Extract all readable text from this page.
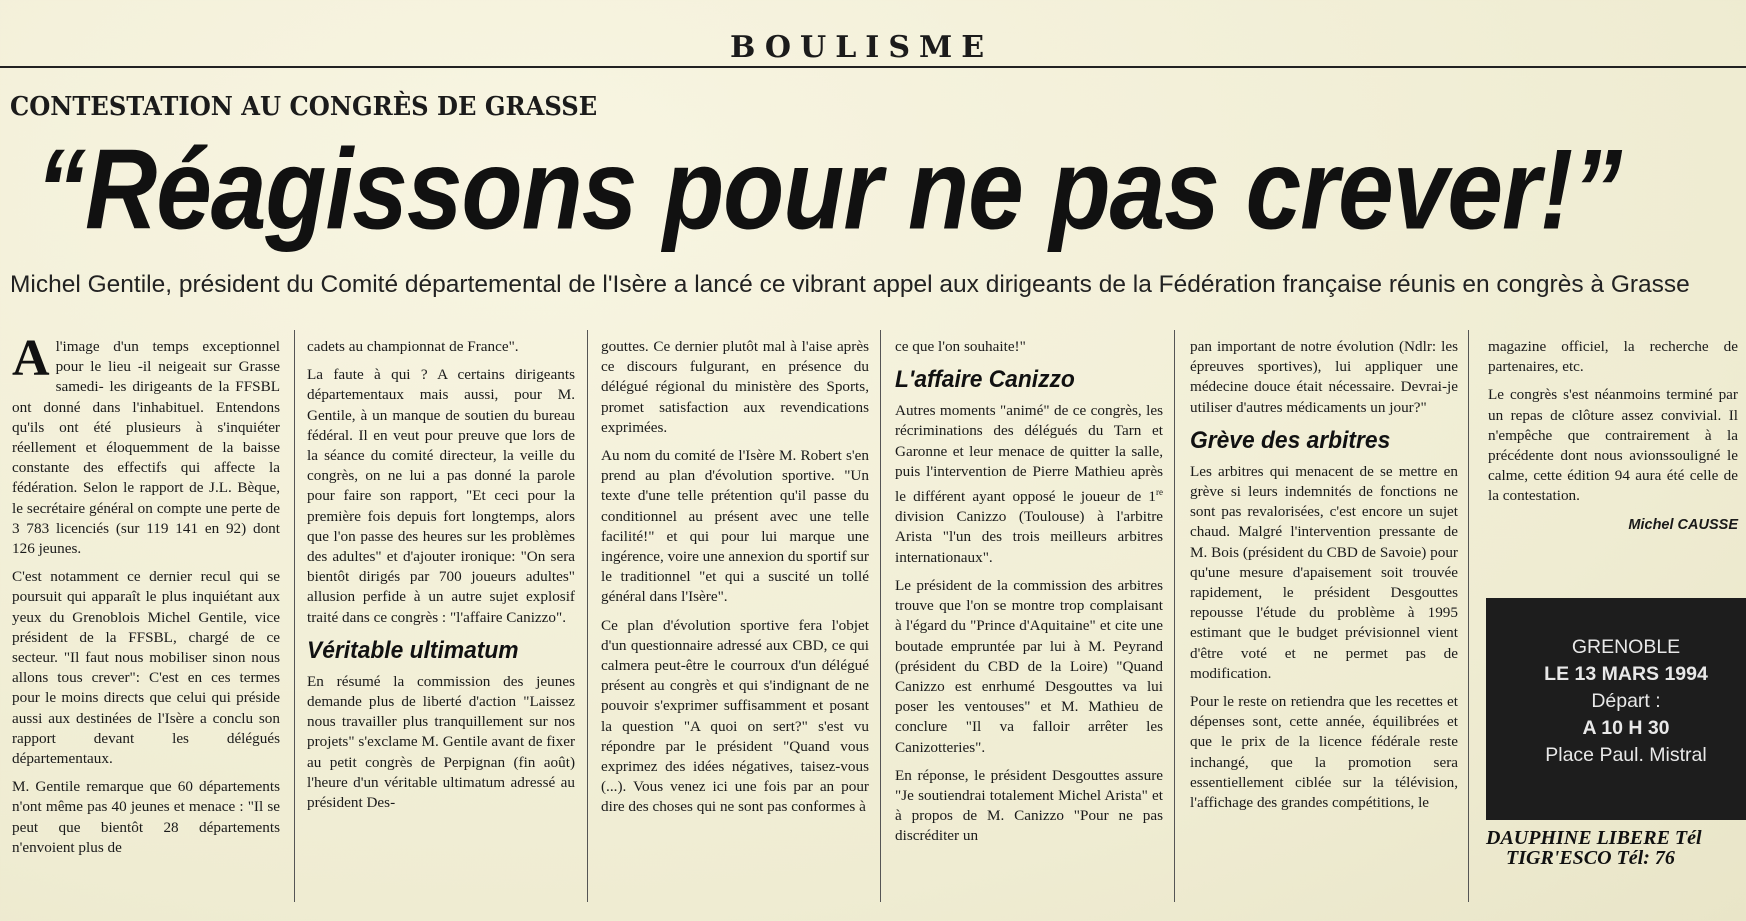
BOULISME
CONTESTATION AU CONGRÈS DE GRASSE
“Réagissons pour ne pas crever!”
Michel Gentile, président du Comité départemental de l'Isère a lancé ce vibrant appel aux dirigeants de la Fédération française réunis en congrès à Grasse

Al'image d'un temps exceptionnel pour le lieu -il neigeait sur Grasse samedi- les dirigeants de la FFSBL ont donné dans l'inhabituel. Entendons qu'ils ont été plusieurs à s'inquiéter réellement et éloquemment de la baisse constante des effectifs qui affecte la fédération. Selon le rapport de J.L. Bèque, le secrétaire général on compte une perte de 3 783 licenciés (sur 119 141 en 92) dont 126 jeunes.

C'est notamment ce dernier recul qui se poursuit qui apparaît le plus inquiétant aux yeux du Grenoblois Michel Gentile, vice président de la FFSBL, chargé de ce secteur. "Il faut nous mobiliser sinon nous allons tous crever": C'est en ces termes pour le moins directs que celui qui préside aussi aux destinées de l'Isère a conclu son rapport devant les délégués départementaux.

M. Gentile remarque que 60 départements n'ont même pas 40 jeunes et menace : "Il se peut que bientôt 28 départements n'envoient plus de

cadets au championnat de France".

La faute à qui ? A certains dirigeants départementaux mais aussi, pour M. Gentile, à un manque de soutien du bureau fédéral. Il en veut pour preuve que lors de la séance du comité directeur, la veille du congrès, on ne lui a pas donné la parole pour faire son rapport, "Et ceci pour la première fois depuis fort longtemps, alors que l'on passe des heures sur les problèmes des adultes" et d'ajouter ironique: "On sera bientôt dirigés par 700 joueurs adultes" allusion perfide à un autre sujet explosif traité dans ce congrès : "l'affaire Canizzo".

Véritable ultimatum

En résumé la commission des jeunes demande plus de liberté d'action "Laissez nous travailler plus tranquillement sur nos projets" s'exclame M. Gentile avant de fixer au petit congrès de Perpignan (fin août) l'heure d'un véritable ultimatum adressé au président Des-

gouttes. Ce dernier plutôt mal à l'aise après ce discours fulgurant, en présence du délégué régional du ministère des Sports, promet satisfaction aux revendications exprimées.

Au nom du comité de l'Isère M. Robert s'en prend au plan d'évolution sportive. "Un texte d'une telle prétention qu'il passe du conditionnel au présent avec une telle facilité!" et qui pour lui marque une ingérence, voire une annexion du sportif sur le traditionnel "et qui a suscité un tollé général dans l'Isère".

Ce plan d'évolution sportive fera l'objet d'un questionnaire adressé aux CBD, ce qui calmera peut-être le courroux d'un délégué présent au congrès et qui s'indignant de ne pouvoir s'exprimer suffisamment et posant la question "A quoi on sert?" s'est vu répondre par le président "Quand vous exprimez des idées négatives, taisez-vous (...). Vous venez ici une fois par an pour dire des choses qui ne sont pas conformes à

ce que l'on souhaite!"

L'affaire Canizzo

Autres moments "animé" de ce congrès, les récriminations des délégués du Tarn et Garonne et leur menace de quitter la salle, puis l'intervention de Pierre Mathieu après le différent ayant opposé le joueur de 1re division Canizzo (Toulouse) à l'arbitre Arista "l'un des trois meilleurs arbitres internationaux".

Le président de la commission des arbitres trouve que l'on se montre trop complaisant à l'égard du "Prince d'Aquitaine" et cite une boutade empruntée par lui à M. Peyrand (président du CBD de la Loire) "Quand Canizzo est enrhumé Desgouttes va lui poser les ventouses" et M. Mathieu de conclure "Il va falloir arrêter les Canizotteries".

En réponse, le président Desgouttes assure "Je soutiendrai totalement Michel Arista" et à propos de M. Canizzo "Pour ne pas discréditer un

pan important de notre évolution (Ndlr: les épreuves sportives), lui appliquer une médecine douce était nécessaire. Devrai-je utiliser d'autres médicaments un jour?"

Grève des arbitres

Les arbitres qui menacent de se mettre en grève si leurs indemnités de fonctions ne sont pas revalorisées, c'est encore un sujet chaud. Malgré l'intervention pressante de M. Bois (président du CBD de Savoie) pour qu'une mesure d'apaisement soit trouvée rapidement, le président Desgouttes repousse l'étude du problème à 1995 estimant que le budget prévisionnel vient d'être voté et ne permet pas de modification.

Pour le reste on retiendra que les recettes et dépenses sont, cette année, équilibrées et que le prix de la licence fédérale reste inchangé, que la promotion sera essentiellement ciblée sur la télévision, l'affichage des grandes compétitions, le

magazine officiel, la recherche de partenaires, etc.

Le congrès s'est néanmoins terminé par un repas de clôture assez convivial. Il n'empêche que contrairement à la précédente dont nous avionssouligné le calme, cette édition 94 aura été celle de la contestation.

Michel CAUSSE
GRENOBLE
LE 13 MARS 1994
Départ :
A 10 H 30
Place Paul. Mistral
DAUPHINE LIBERE Tél
TIGR'ESCO Tél: 76
